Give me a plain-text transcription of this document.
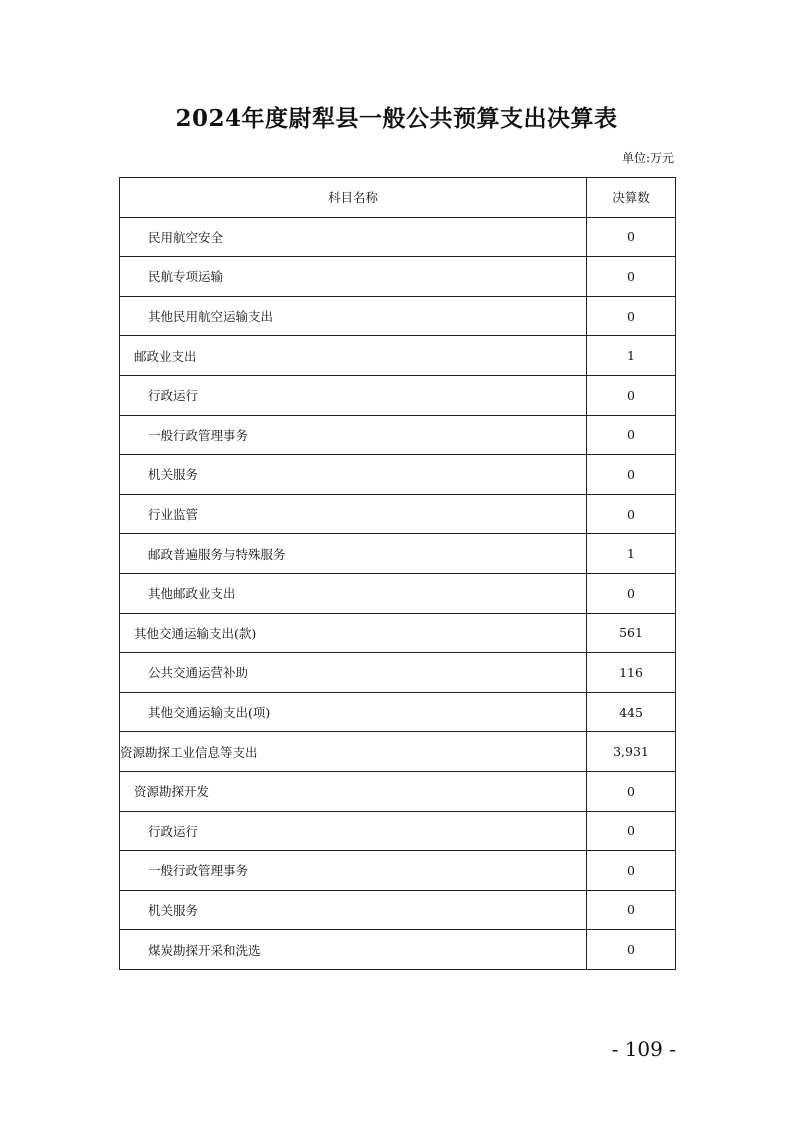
2024年度尉犁县一般公共预算支出决算表
单位:万元
科目名称	决算数
民用航空安全	0
民航专项运输	0
其他民用航空运输支出	0
邮政业支出	1
行政运行	0
一般行政管理事务	0
机关服务	0
行业监管	0
邮政普遍服务与特殊服务	1
其他邮政业支出	0
其他交通运输支出(款)	561
公共交通运营补助	116
其他交通运输支出(项)	445
资源勘探工业信息等支出	3,931
资源勘探开发	0
行政运行	0
一般行政管理事务	0
机关服务	0
煤炭勘探开采和洗选	0
- 109 -
